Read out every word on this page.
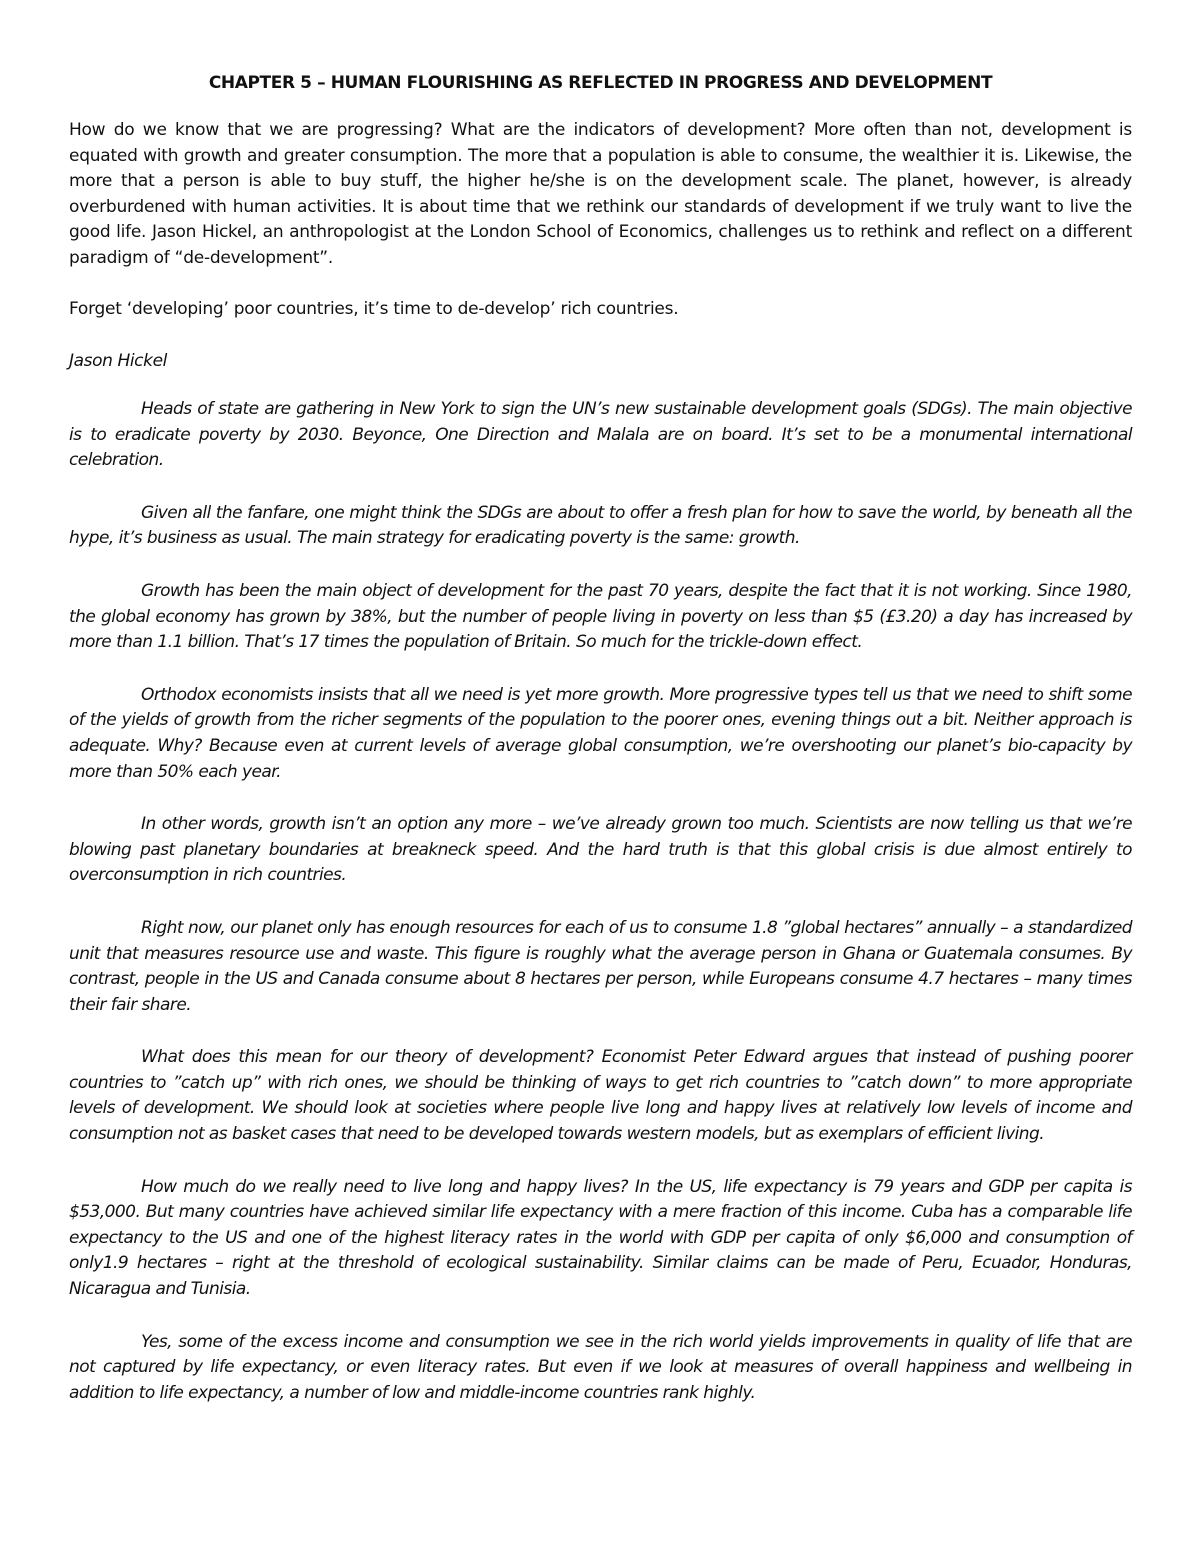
CHAPTER 5 – HUMAN FLOURISHING AS REFLECTED IN PROGRESS AND DEVELOPMENT

How do we know that we are progressing? What are the indicators of development? More often than not, development is equated with growth and greater consumption. The more that a population is able to consume, the wealthier it is. Likewise, the more that a person is able to buy stuff, the higher he/she is on the development scale. The planet, however, is already overburdened with human activities. It is about time that we rethink our standards of development if we truly want to live the good life. Jason Hickel, an anthropologist at the London School of Economics, challenges us to rethink and reflect on a different paradigm of “de-development”.

Forget ‘developing’ poor countries, it’s time to de-develop’ rich countries.

Jason Hickel

Heads of state are gathering in New York to sign the UN’s new sustainable development goals (SDGs). The main objective is to eradicate poverty by 2030. Beyonce, One Direction and Malala are on board. It’s set to be a monumental international celebration.

Given all the fanfare, one might think the SDGs are about to offer a fresh plan for how to save the world, by beneath all the hype, it’s business as usual. The main strategy for eradicating poverty is the same: growth.

Growth has been the main object of development for the past 70 years, despite the fact that it is not working. Since 1980, the global economy has grown by 38%, but the number of people living in poverty on less than $5 (£3.20) a day has increased by more than 1.1 billion. That’s 17 times the population of Britain. So much for the trickle-down effect.

Orthodox economists insists that all we need is yet more growth. More progressive types tell us that we need to shift some of the yields of growth from the richer segments of the population to the poorer ones, evening things out a bit. Neither approach is adequate. Why? Because even at current levels of average global consumption, we’re overshooting our planet’s bio-capacity by more than 50% each year.

In other words, growth isn’t an option any more – we’ve already grown too much. Scientists are now telling us that we’re blowing past planetary boundaries at breakneck speed. And the hard truth is that this global crisis is due almost entirely to overconsumption in rich countries.

Right now, our planet only has enough resources for each of us to consume 1.8 ”global hectares” annually – a standardized unit that measures resource use and waste. This figure is roughly what the average person in Ghana or Guatemala consumes. By contrast, people in the US and Canada consume about 8 hectares per person, while Europeans consume 4.7 hectares – many times their fair share.

What does this mean for our theory of development? Economist Peter Edward argues that instead of pushing poorer countries to ”catch up” with rich ones, we should be thinking of ways to get rich countries to ”catch down” to more appropriate levels of development. We should look at societies where people live long and happy lives at relatively low levels of income and consumption not as basket cases that need to be developed towards western models, but as exemplars of efficient living.

How much do we really need to live long and happy lives? In the US, life expectancy is 79 years and GDP per capita is $53,000. But many countries have achieved similar life expectancy with a mere fraction of this income. Cuba has a comparable life expectancy to the US and one of the highest literacy rates in the world with GDP per capita of only $6,000 and consumption of only1.9 hectares – right at the threshold of ecological sustainability. Similar claims can be made of Peru, Ecuador, Honduras, Nicaragua and Tunisia.

Yes, some of the excess income and consumption we see in the rich world yields improvements in quality of life that are not captured by life expectancy, or even literacy rates. But even if we look at measures of overall happiness and wellbeing in addition to life expectancy, a number of low and middle-income countries rank highly.
